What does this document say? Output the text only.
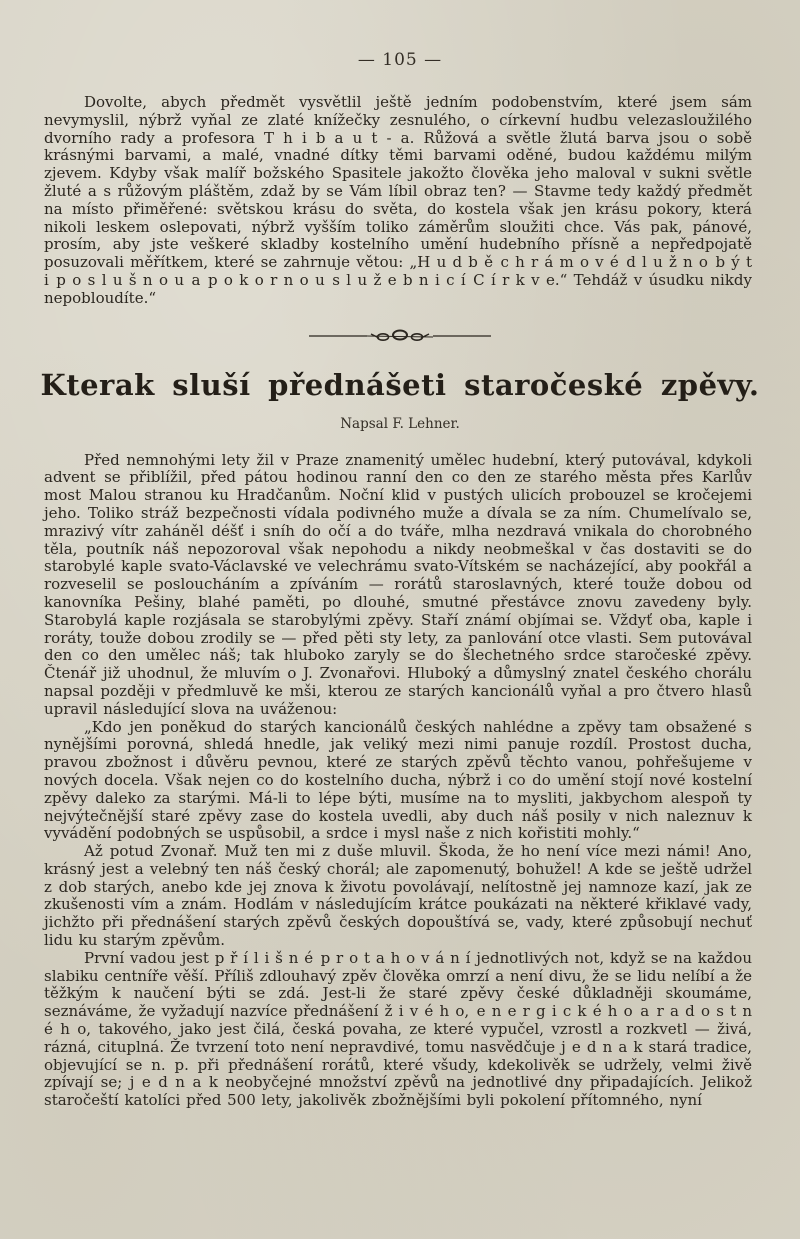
— 105 —

Dovolte, abych předmět vysvětlil ještě jedním podobenstvím, které jsem sám nevymyslil, nýbrž vyňal ze zlaté knížečky zesnulého, o církevní hudbu velezasloužilého dvorního rady a profesora T h i b a u t - a. Růžová a světle žlutá barva jsou o sobě krásnými barvami, a malé, vnadné dítky těmi barvami oděné, budou každému milým zjevem. Kdyby však malíř božského Spasitele jakožto člověka jeho maloval v sukni světle žluté a s růžovým pláštěm, zdaž by se Vám líbil obraz ten? — Stavme tedy každý předmět na místo přiměřené: světskou krásu do světa, do kostela však jen krásu pokory, která nikoli leskem oslepovati, nýbrž vyšším toliko záměrům sloužiti chce. Vás pak, pánové, prosím, aby jste veškeré skladby kostelního umění hudebního přísně a nepředpojatě posuzovali měřítkem, které se zahrnuje větou: „H u d b ě c h r á m o v é d l u ž n o b ý t i p o s l u š n o u a p o k o r n o u s l u ž e b n i c í C í r k v e.“ Tehdáž v úsudku nikdy nepobloudíte.“

Kterak sluší přednášeti staročeské zpěvy.
Napsal F. Lehner.

Před nemnohými lety žil v Praze znamenitý umělec hudební, který putovával, kdykoli advent se přiblížil, před pátou hodinou ranní den co den ze starého města přes Karlův most Malou stranou ku Hradčanům. Noční klid v pustých ulicích probouzel se kročejemi jeho. Toliko stráž bezpečnosti vídala podivného muže a dívala se za ním. Chumelívalo se, mrazivý vítr zaháněl déšť i sníh do očí a do tváře, mlha nezdravá vnikala do chorobného těla, poutník náš nepozoroval však nepohodu a nikdy neobmeškal v čas dostaviti se do starobylé kaple svato-Václavské ve velechrámu svato-Vítském se nacházející, aby pookřál a rozveselil se posloucháním a zpíváním — rorátů staroslavných, které touže dobou od kanovníka Pešiny, blahé paměti, po dlouhé, smutné přestávce znovu zavedeny byly. Starobylá kaple rozjásala se starobylými zpěvy. Staří známí objímai se. Vždyť oba, kaple i roráty, touže dobou zrodily se — před pěti sty lety, za panlování otce vlasti. Sem putovával den co den umělec náš; tak hluboko zaryly se do šlechetného srdce staročeské zpěvy. Čtenář již uhodnul, že mluvím o J. Zvonařovi. Hluboký a důmyslný znatel českého chorálu napsal později v předmluvě ke mši, kterou ze starých kancionálů vyňal a pro čtvero hlasů upravil následující slova na uváženou:

„Kdo jen poněkud do starých kancionálů českých nahlédne a zpěvy tam obsažené s nynějšími porovná, shledá hnedle, jak veliký mezi nimi panuje rozdíl. Prostost ducha, pravou zbožnost i důvěru pevnou, které ze starých zpěvů těchto vanou, pohřešujeme v nových docela. Však nejen co do kostelního ducha, nýbrž i co do umění stojí nové kostelní zpěvy daleko za starými. Má-li to lépe býti, musíme na to mysliti, jakbychom alespoň ty nejvýtečnější staré zpěvy zase do kostela uvedli, aby duch náš posily v nich naleznuv k vyvádění podobných se uspůsobil, a srdce i mysl naše z nich kořistiti mohly.“

Až potud Zvonař. Muž ten mi z duše mluvil. Škoda, že ho není více mezi námi! Ano, krásný jest a velebný ten náš český chorál; ale zapomenutý, bohužel! A kde se ještě udržel z dob starých, anebo kde jej znova k životu povolávají, nelítostně jej namnoze kazí, jak ze zkušenosti vím a znám. Hodlám v následujícím krátce poukázati na některé křiklavé vady, jichžto při přednášení starých zpěvů českých dopouštívá se, vady, které způsobují nechuť lidu ku starým zpěvům.

První vadou jest p ř í l i š n é p r o t a h o v á n í jednotlivých not, když se na každou slabiku centníře věší. Příliš zdlouhavý zpěv člověka omrzí a není divu, že se lidu nelíbí a že těžkým k naučení býti se zdá. Jest-li že staré zpěvy české důkladněji skoumáme, seznáváme, že vyžadují nazvíce přednášení ž i v é h o, e n e r g i c k é h o a r a d o s t n é h o, takového, jako jest čilá, česká povaha, ze které vypučel, vzrostl a rozkvetl — živá, rázná, cituplná. Že tvrzení toto není nepravdivé, tomu nasvědčuje j e d n a k stará tradice, objevující se n. p. při přednášení rorátů, které všudy, kdekolivěk se udržely, velmi živě zpívají se; j e d n a k neobyčejné množství zpěvů na jednotlivé dny připadajících. Jelikož staročeští katolíci před 500 lety, jakolivěk zbožnějšími byli pokolení přítomného, nyní
